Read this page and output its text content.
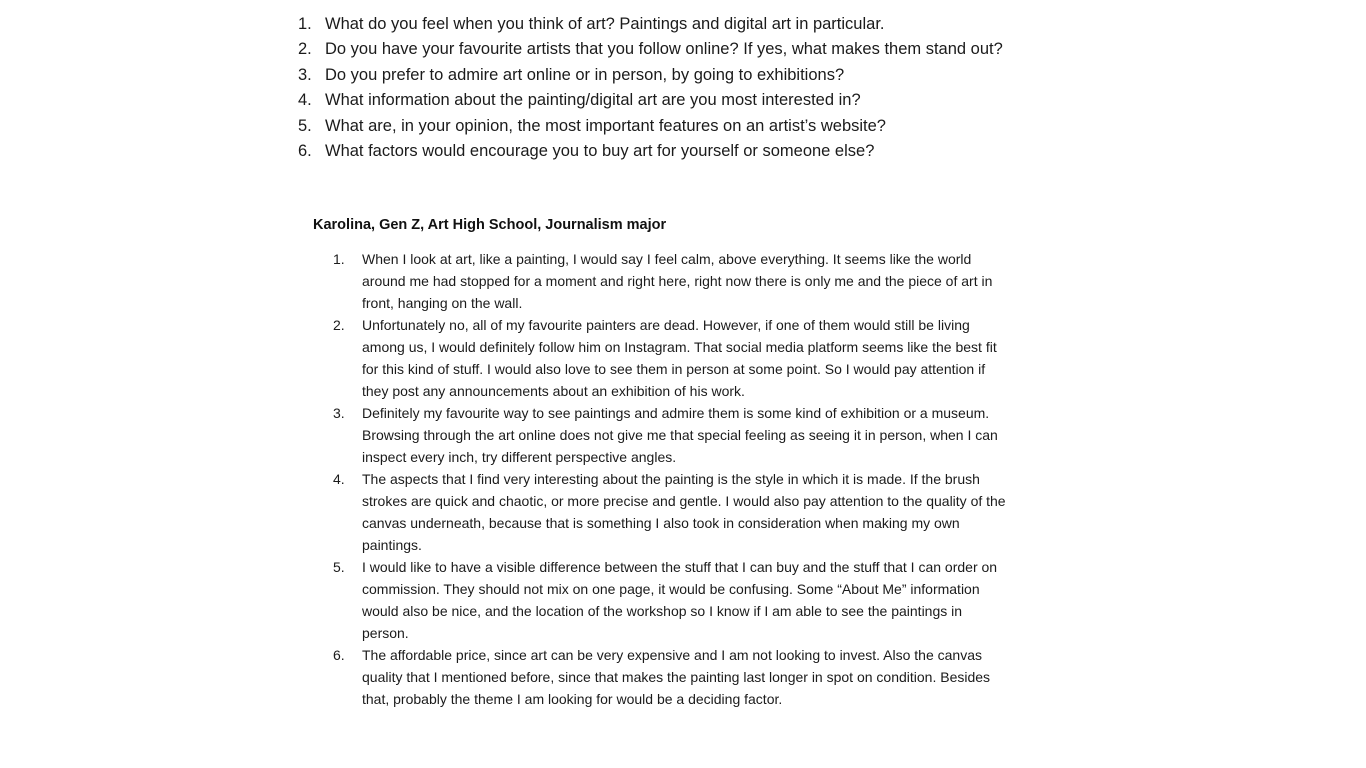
1. What do you feel when you think of art? Paintings and digital art in particular.
2. Do you have your favourite artists that you follow online? If yes, what makes them stand out?
3. Do you prefer to admire art online or in person, by going to exhibitions?
4. What information about the painting/digital art are you most interested in?
5. What are, in your opinion, the most important features on an artist’s website?
6. What factors would encourage you to buy art for yourself or someone else?
Karolina, Gen Z, Art High School, Journalism major
1.	When I look at art, like a painting, I would say I feel calm, above everything. It seems like the world around me had stopped for a moment and right here, right now there is only me and the piece of art in front, hanging on the wall.
2.	Unfortunately no, all of my favourite painters are dead. However, if one of them would still be living among us, I would definitely follow him on Instagram. That social media platform seems like the best fit for this kind of stuff. I would also love to see them in person at some point. So I would pay attention if they post any announcements about an exhibition of his work.
3.	Definitely my favourite way to see paintings and admire them is some kind of exhibition or a museum. Browsing through the art online does not give me that special feeling as seeing it in person, when I can inspect every inch, try different perspective angles.
4.	The aspects that I find very interesting about the painting is the style in which it is made. If the brush strokes are quick and chaotic, or more precise and gentle. I would also pay attention to the quality of the canvas underneath, because that is something I also took in consideration when making my own paintings.
5.	I would like to have a visible difference between the stuff that I can buy and the stuff that I can order on commission. They should not mix on one page, it would be confusing. Some “About Me” information would also be nice, and the location of the workshop so I know if I am able to see the paintings in person.
6.	The affordable price, since art can be very expensive and I am not looking to invest. Also the canvas quality that I mentioned before, since that makes the painting last longer in spot on condition. Besides that, probably the theme I am looking for would be a deciding factor.
